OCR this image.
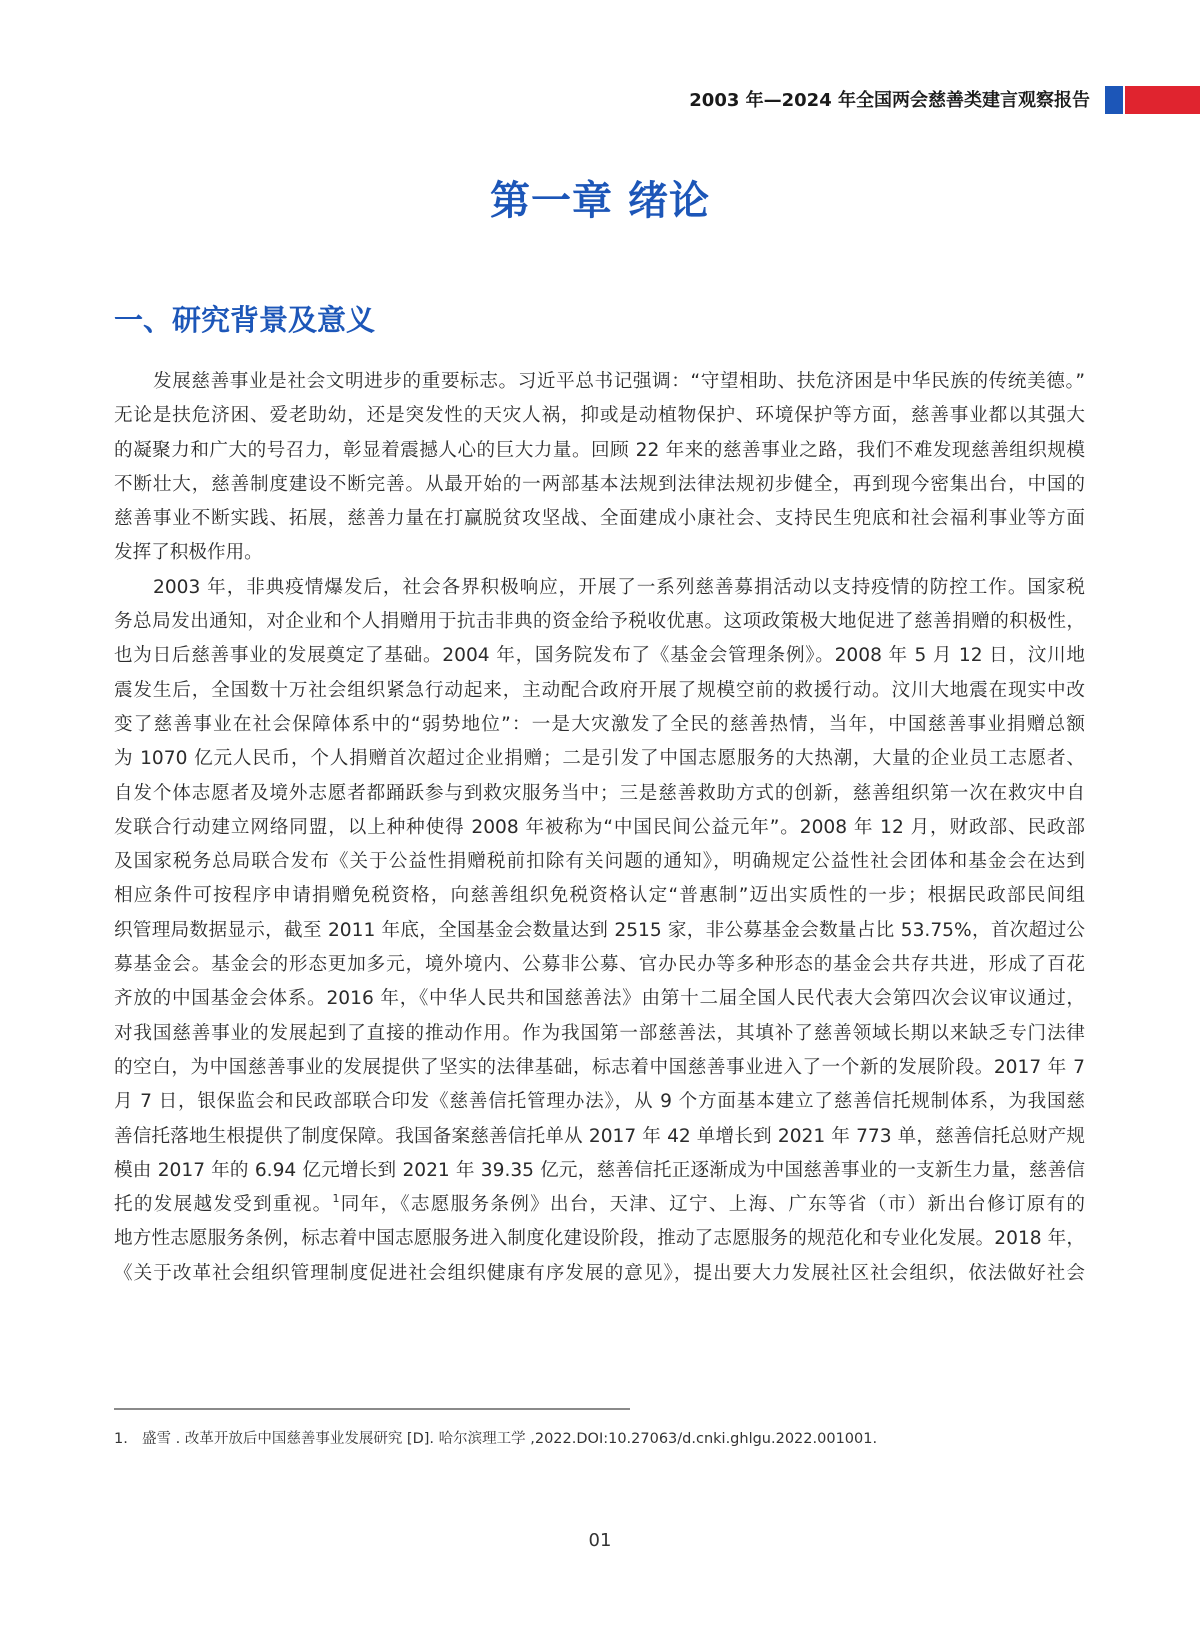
2003 年—2024 年全国两会慈善类建言观察报告
第一章 绪论
一、研究背景及意义
发展慈善事业是社会文明进步的重要标志。习近平总书记强调：“守望相助、扶危济困是中华民族的传统美德。”
无论是扶危济困、爱老助幼，还是突发性的天灾人祸，抑或是动植物保护、环境保护等方面，慈善事业都以其强大
的凝聚力和广大的号召力，彰显着震撼人心的巨大力量。回顾 22 年来的慈善事业之路，我们不难发现慈善组织规模
不断壮大，慈善制度建设不断完善。从最开始的一两部基本法规到法律法规初步健全，再到现今密集出台，中国的
慈善事业不断实践、拓展，慈善力量在打赢脱贫攻坚战、全面建成小康社会、支持民生兜底和社会福利事业等方面
发挥了积极作用。
2003 年，非典疫情爆发后，社会各界积极响应，开展了一系列慈善募捐活动以支持疫情的防控工作。国家税
务总局发出通知，对企业和个人捐赠用于抗击非典的资金给予税收优惠。这项政策极大地促进了慈善捐赠的积极性，
也为日后慈善事业的发展奠定了基础。2004 年，国务院发布了《基金会管理条例》。2008 年 5 月 12 日，汶川地
震发生后，全国数十万社会组织紧急行动起来，主动配合政府开展了规模空前的救援行动。汶川大地震在现实中改
变了慈善事业在社会保障体系中的“弱势地位”：一是大灾激发了全民的慈善热情，当年，中国慈善事业捐赠总额
为 1070 亿元人民币，个人捐赠首次超过企业捐赠；二是引发了中国志愿服务的大热潮，大量的企业员工志愿者、
自发个体志愿者及境外志愿者都踊跃参与到救灾服务当中；三是慈善救助方式的创新，慈善组织第一次在救灾中自
发联合行动建立网络同盟，以上种种使得 2008 年被称为“中国民间公益元年”。2008 年 12 月，财政部、民政部
及国家税务总局联合发布《关于公益性捐赠税前扣除有关问题的通知》，明确规定公益性社会团体和基金会在达到
相应条件可按程序申请捐赠免税资格，向慈善组织免税资格认定“普惠制”迈出实质性的一步；根据民政部民间组
织管理局数据显示，截至 2011 年底，全国基金会数量达到 2515 家，非公募基金会数量占比 53.75%，首次超过公
募基金会。基金会的形态更加多元，境外境内、公募非公募、官办民办等多种形态的基金会共存共进，形成了百花
齐放的中国基金会体系。2016 年，《中华人民共和国慈善法》由第十二届全国人民代表大会第四次会议审议通过，
对我国慈善事业的发展起到了直接的推动作用。作为我国第一部慈善法，其填补了慈善领域长期以来缺乏专门法律
的空白，为中国慈善事业的发展提供了坚实的法律基础，标志着中国慈善事业进入了一个新的发展阶段。2017 年 7
月 7 日，银保监会和民政部联合印发《慈善信托管理办法》，从 9 个方面基本建立了慈善信托规制体系，为我国慈
善信托落地生根提供了制度保障。我国备案慈善信托单从 2017 年 42 单增长到 2021 年 773 单，慈善信托总财产规
模由 2017 年的 6.94 亿元增长到 2021 年 39.35 亿元，慈善信托正逐渐成为中国慈善事业的一支新生力量，慈善信
托的发展越发受到重视。$^1$同年，《志愿服务条例》出台，天津、辽宁、上海、广东等省（市）新出台修订原有的
地方性志愿服务条例，标志着中国志愿服务进入制度化建设阶段，推动了志愿服务的规范化和专业化发展。2018 年，
《关于改革社会组织管理制度促进社会组织健康有序发展的意见》，提出要大力发展社区社会组织，依法做好社会
1. 盛雪 . 改革开放后中国慈善事业发展研究 [D]. 哈尔滨理工学 ,2022.DOI:10.27063/d.cnki.ghlgu.2022.001001.
01
